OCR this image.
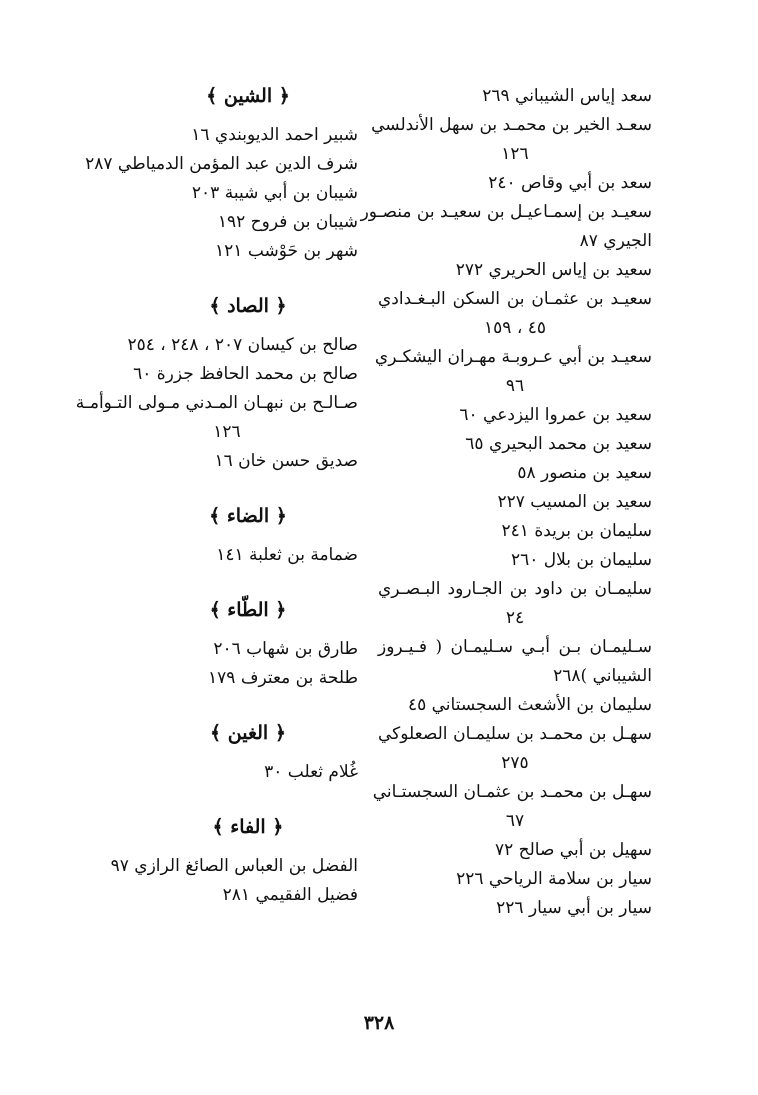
سعد إياس الشيباني ٢٦٩
سعـد الخير بن محمـد بن سهل الأندلسي
١٢٦
سعد بن أبي وقاص ٢٤٠
سعيـد بن إسمـاعيـل بن سعيـد بن منصـور
الجيري ٨٧
سعيد بن إياس الحريري ٢٧٢
سعيـد بن عثمـان بن السكن البـغـدادي
٤٥ ، ١٥٩
سعيـد بن أبي عـروبـة مهـران اليشكـري
٩٦
سعيد بن عمروا اليزدعي ٦٠
سعيد بن محمد البحيري ٦٥
سعيد بن منصور ٥٨
سعيد بن المسيب ٢٢٧
سليمان بن بريدة ٢٤١
سليمان بن بلال ٢٦٠
سليمـان بن داود بن الجـارود البـصـري
٢٤
سـليمـان بـن أبـي سـليمـان ( فـيـروز
الشيباني )٢٦٨
سليمان بن الأشعث السجستاني ٤٥
سهـل بن محمـد بن سليمـان الصعلوكي
٢٧٥
سهـل بن محمـد بن عثمـان السجستـاني
٦٧
سهيل بن أبي صالح ٧٢
سيار بن سلامة الرياحي ٢٢٦
سيار بن أبي سيار ٢٢٦
﴿ الشين ﴾
شبير احمد الديوبندي ١٦
شرف الدين عبد المؤمن الدمياطي ٢٨٧
شيبان بن أبي شيبة ٢٠٣
شيبان بن فروح ١٩٢
شهر بن حَوْشب ١٢١
﴿ الصاد ﴾
صالح بن كيسان ٢٠٧ ، ٢٤٨ ، ٢٥٤
صالح بن محمد الحافظ جزرة ٦٠
صـالـح بن نبهـان المـدني مـولى التـوأمـة
١٢٦
صديق حسن خان ١٦
﴿ الضاء ﴾
ضمامة بن ثعلبة ١٤١
﴿ الطّاء ﴾
طارق بن شهاب ٢٠٦
طلحة بن معترف ١٧٩
﴿ الغين ﴾
غُلام ثعلب ٣٠
﴿ الفاء ﴾
الفضل بن العباس الصائغ الرازي ٩٧
فضيل الفقيمي ٢٨١
٣٢٨
